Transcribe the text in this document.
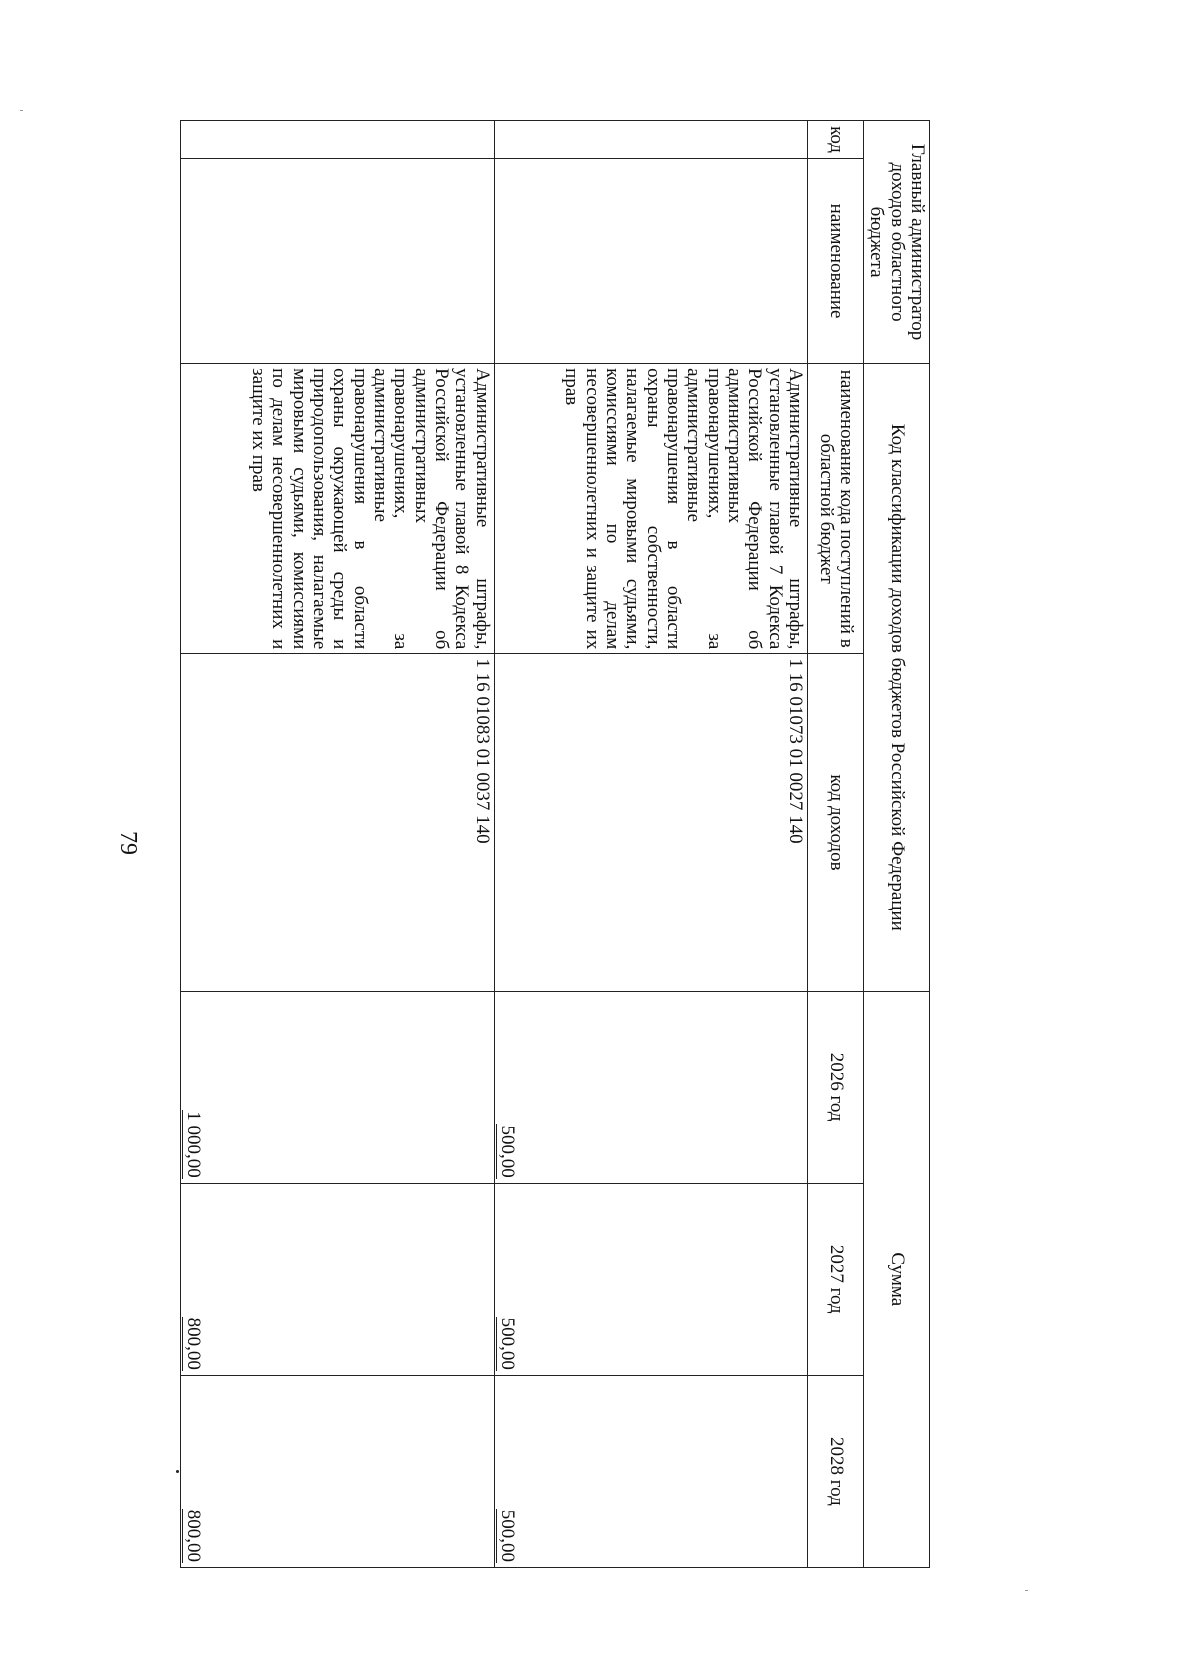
79
Главный администратор доходов областного бюджета		Код классификации доходов бюджетов Российской Федерации		Сумма		
код	наименование	наименование кода поступлений в областной бюджет	код доходов	2026 год	2027 год	2028 год
		Административные штрафы, установленные главой 7 Кодекса Российской Федерации об административных правонарушениях, за административные правонарушения в области охраны собственности, налагаемые мировыми судьями, комиссиями по делам несовершеннолетних и защите их прав	1 16 01073 01 0027 140	500,00	500,00	500,00
		Административные штрафы, установленные главой 8 Кодекса Российской Федерации об административных правонарушениях, за административные правонарушения в области охраны окружающей среды и природопользования, налагаемые мировыми судьями, комиссиями по делам несовершеннолетних и защите их прав	1 16 01083 01 0037 140	1 000,00	800,00	800,00
